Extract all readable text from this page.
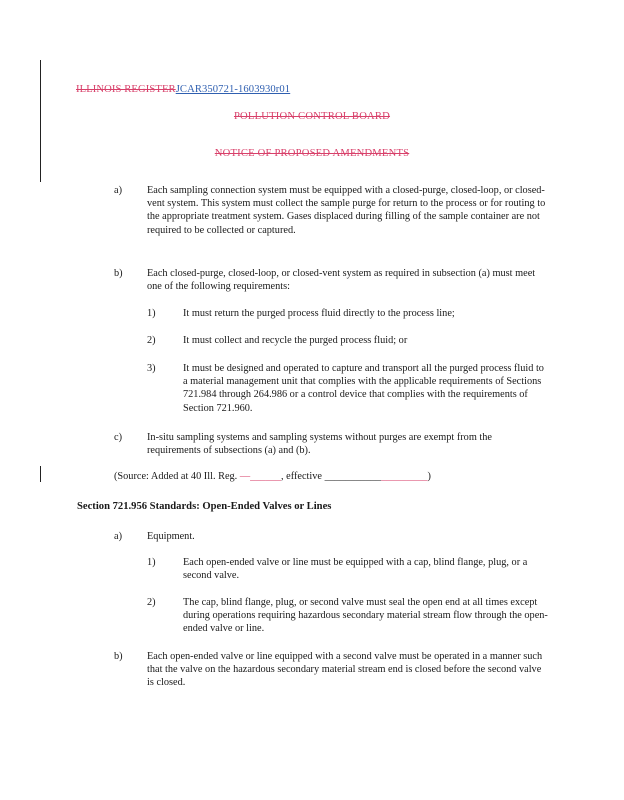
ILLINOIS REGISTERJCAR350721-1603930r01
POLLUTION CONTROL BOARD
NOTICE OF PROPOSED AMENDMENTS
a) Each sampling connection system must be equipped with a closed-purge, closed-loop, or closed-vent system. This system must collect the sample purge for return to the process or for routing to the appropriate treatment system. Gases displaced during filling of the sample container are not required to be collected or captured.
b) Each closed-purge, closed-loop, or closed-vent system as required in subsection (a) must meet one of the following requirements:
1)	It must return the purged process fluid directly to the process line;
2)	It must collect and recycle the purged process fluid; or
3)	It must be designed and operated to capture and transport all the purged process fluid to a material management unit that complies with the applicable requirements of Sections 721.984 through 264.986 or a control device that complies with the requirements of Section 721.960.
c) In-situ sampling systems and sampling systems without purges are exempt from the requirements of subsections (a) and (b).
(Source: Added at 40 Ill. Reg. —______, effective ____________________)
Section 721.956 Standards: Open-Ended Valves or Lines
a) Equipment.
1)	Each open-ended valve or line must be equipped with a cap, blind flange, plug, or a second valve.
2)	The cap, blind flange, plug, or second valve must seal the open end at all times except during operations requiring hazardous secondary material stream flow through the open-ended valve or line.
b) Each open-ended valve or line equipped with a second valve must be operated in a manner such that the valve on the hazardous secondary material stream end is closed before the second valve is closed.
